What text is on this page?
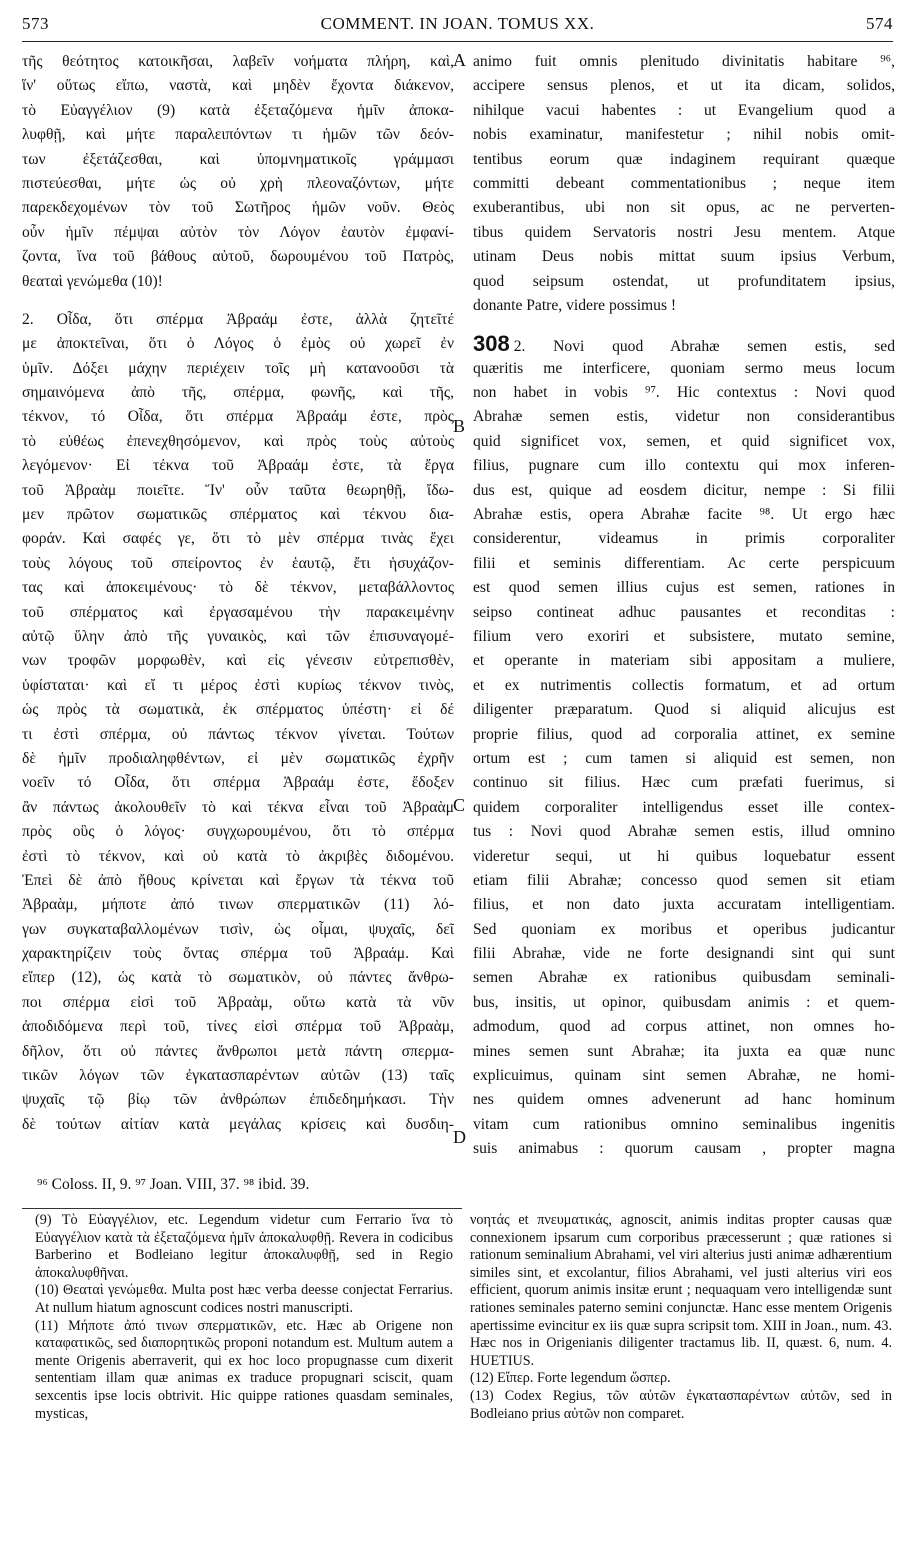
573	COMMENT. IN JOAN. TOMUS XX.	574
τῆς θεότητος κατοικῆσαι, λαβεῖν νοήματα πλήρη, καὶ,
ἵν' οὕτως εἴπω, ναστὰ, καὶ μηδὲν ἔχοντα διάκενον,
τὸ Εὐαγγέλιον (9) κατὰ ἐξεταζόμενα ἡμῖν ἀποκα-
λυφθῇ, καὶ μήτε παραλειπόντων τι ἡμῶν τῶν δεόν-
των ἐξετάζεσθαι, καὶ ὑπομνηματικοῖς γράμμασι
πιστεύεσθαι, μήτε ὡς οὐ χρὴ πλεοναζόντων, μήτε
παρεκδεχομένων τὸν τοῦ Σωτῆρος ἡμῶν νοῦν. Θεὸς
οὖν ἡμῖν πέμψαι αὐτὸν τὸν Λόγον ἑαυτὸν ἐμφανί-
ζοντα, ἵνα τοῦ βάθους αὐτοῦ, δωρουμένου τοῦ Πατρὸς,
θεαταὶ γενώμεθα (10)!
2. Οἶδα, ὅτι σπέρμα Ἀβραάμ ἐστε, ἀλλὰ ζητεῖτέ
με ἀποκτεῖναι, ὅτι ὁ Λόγος ὁ ἐμὸς οὐ χωρεῖ ἐν
ὑμῖν. Δόξει μάχην περιέχειν τοῖς μὴ κατανοοῦσι τὰ
σημαινόμενα ἀπὸ τῆς, σπέρμα, φωνῆς, καὶ τῆς,
τέκνον, τό Οἶδα, ὅτι σπέρμα Ἀβραάμ ἐστε, πρὸς
τὸ εὐθέως ἐπενεχθησόμενον, καὶ πρὸς τοὺς αὐτοὺς
λεγόμενον· Εἰ τέκνα τοῦ Ἀβραάμ ἐστε, τὰ ἔργα
τοῦ Ἀβραὰμ ποιεῖτε. Ἵν' οὖν ταῦτα θεωρηθῇ, ἴδω-
μεν πρῶτον σωματικῶς σπέρματος καὶ τέκνου δια-
φοράν. Καὶ σαφές γε, ὅτι τὸ μὲν σπέρμα τινὰς ἔχει
τοὺς λόγους τοῦ σπείροντος ἐν ἑαυτῷ, ἔτι ἡσυχάζον-
τας καὶ ἀποκειμένους· τὸ δὲ τέκνον, μεταβάλλοντος
τοῦ σπέρματος καὶ ἐργασαμένου τὴν παρακειμένην
αὐτῷ ὕλην ἀπὸ τῆς γυναικὸς, καὶ τῶν ἐπισυναγομέ-
νων τροφῶν μορφωθὲν, καὶ εἰς γένεσιν εὐτρεπισθὲν,
ὑφίσταται· καὶ εἴ τι μέρος ἐστὶ κυρίως τέκνον τινὸς,
ὡς πρὸς τὰ σωματικὰ, ἐκ σπέρματος ὑπέστη· εἰ δέ
τι ἐστὶ σπέρμα, οὐ πάντως τέκνον γίνεται. Τούτων
δὲ ἡμῖν προδιαληφθέντων, εἰ μὲν σωματικῶς ἐχρῆν
νοεῖν τό Οἶδα, ὅτι σπέρμα Ἀβραάμ ἐστε, ἔδοξεν
ἂν πάντως ἀκολουθεῖν τὸ καὶ τέκνα εἶναι τοῦ Ἀβραὰμ
πρὸς οὓς ὁ λόγος· συγχωρουμένου, ὅτι τὸ σπέρμα
ἐστὶ τὸ τέκνον, καὶ οὐ κατὰ τὸ ἀκριβὲς διδομένου.
Ἐπεὶ δὲ ἀπὸ ἤθους κρίνεται καὶ ἔργων τὰ τέκνα τοῦ
Ἀβραὰμ, μήποτε ἀπό τινων σπερματικῶν (11) λό-
γων συγκαταβαλλομένων τισὶν, ὡς οἶμαι, ψυχαῖς, δεῖ
χαρακτηρίζειν τοὺς ὄντας σπέρμα τοῦ Ἀβραάμ. Καὶ
εἴπερ (12), ὡς κατὰ τὸ σωματικὸν, οὐ πάντες ἄνθρω-
ποι σπέρμα εἰσὶ τοῦ Ἀβραὰμ, οὕτω κατὰ τὰ νῦν
ἀποδιδόμενα περὶ τοῦ, τίνες εἰσὶ σπέρμα τοῦ Ἀβραὰμ,
δῆλον, ὅτι οὐ πάντες ἄνθρωποι μετὰ πάντη σπερμα-
τικῶν λόγων τῶν ἐγκατασπαρέντων αὐτῶν (13) ταῖς
ψυχαῖς τῷ βίῳ τῶν ἀνθρώπων ἐπιδεδημήκασι. Τὴν
δὲ τούτων αἰτίαν κατὰ μεγάλας κρίσεις καὶ δυσδιη-
animo fuit omnis plenitudo divinitatis habitare ⁹⁶,
accipere sensus plenos, et ut ita dicam, solidos,
nihilque vacui habentes : ut Evangelium quod a
nobis examinatur, manifestetur ; nihil nobis omit-
tentibus eorum quæ indaginem requirant quæque
committi debeant commentationibus ; neque item
exuberantibus, ubi non sit opus, ac ne perverten-
tibus quidem Servatoris nostri Jesu mentem. Atque
utinam Deus nobis mittat suum ipsius Verbum,
quod seipsum ostendat, ut profunditatem ipsius,
donante Patre, videre possimus !
308 2. Novi quod Abrahæ semen estis, sed
quæritis me interficere, quoniam sermo meus locum
non habet in vobis ⁹⁷. Hic contextus : Novi quod
Abrahæ semen estis, videtur non considerantibus
quid significet vox, semen, et quid significet vox,
filius, pugnare cum illo contextu qui mox inferen-
dus est, quique ad eosdem dicitur, nempe : Si filii
Abrahæ estis, opera Abrahæ facite ⁹⁸. Ut ergo hæc
considerentur, videamus in primis corporaliter
filii et seminis differentiam. Ac certe perspicuum
est quod semen illius cujus est semen, rationes in
seipso contineat adhuc pausantes et reconditas :
filium vero exoriri et subsistere, mutato semine,
et operante in materiam sibi appositam a muliere,
et ex nutrimentis collectis formatum, et ad ortum
diligenter præparatum. Quod si aliquid alicujus est
proprie filius, quod ad corporalia attinet, ex semine
ortum est ; cum tamen si aliquid est semen, non
continuo sit filius. Hæc cum præfati fuerimus, si
quidem corporaliter intelligendus esset ille contex-
tus : Novi quod Abrahæ semen estis, illud omnino
videretur sequi, ut hi quibus loquebatur essent
etiam filii Abrahæ; concesso quod semen sit etiam
filius, et non dato juxta accuratam intelligentiam.
Sed quoniam ex moribus et operibus judicantur
filii Abrahæ, vide ne forte designandi sint qui sunt
semen Abrahæ ex rationibus quibusdam seminali-
bus, insitis, ut opinor, quibusdam animis : et quem-
admodum, quod ad corpus attinet, non omnes ho-
mines semen sunt Abrahæ; ita juxta ea quæ nunc
explicuimus, quinam sint semen Abrahæ, ne homi-
nes quidem omnes advenerunt ad hanc hominum
vitam cum rationibus omnino seminalibus ingenitis
suis animabus : quorum causam , propter magna
A
B
C
D
⁹⁶ Coloss. II, 9. ⁹⁷ Joan. VIII, 37. ⁹⁸ ibid. 39.

(9) Τὸ Εὐαγγέλιον, etc. Legendum videtur cum Ferrario ἵνα τὸ Εὐαγγέλιον κατὰ τὰ ἐξεταζόμενα ἡμῖν ἀποκαλυφθῇ. Revera in codicibus Barberino et Bodleiano legitur ἀποκαλυφθῇ, sed in Regio ἀποκαλυφθῆναι.

(10) Θεαταὶ γενώμεθα. Multa post hæc verba deesse conjectat Ferrarius. At nullum hiatum agnoscunt codices nostri manuscripti.

(11) Μήποτε ἀπό τινων σπερματικῶν, etc. Hæc ab Origene non καταφατικῶς, sed διαπορητικῶς proponi notandum est. Multum autem a mente Origenis aberraverit, qui ex hoc loco propugnasse cum dixerit sententiam illam quæ animas ex traduce propugnari sciscit, quam sexcentis ipse locis obtrivit. Hic quippe rationes quasdam seminales, mysticas,

νοητάς et πνευματικάς, agnoscit, animis inditas propter causas quæ connexionem ipsarum cum corporibus præcesserunt ; quæ rationes si rationum seminalium Abrahami, vel viri alterius justi animæ adhærentium similes sint, et excolantur, filios Abrahami, vel justi alterius viri eos efficient, quorum animis insitæ erunt ; nequaquam vero intelligendæ sunt rationes seminales paterno semini conjunctæ. Hanc esse mentem Origenis apertissime evincitur ex iis quæ supra scripsit tom. XIII in Joan., num. 43. Hæc nos in Origenianis diligenter tractamus lib. II, quæst. 6, num. 4. HUETIUS.

(12) Εἴπερ. Forte legendum ὥσπερ.

(13) Codex Regius, τῶν αὐτῶν ἐγκατασπαρέντων αὐτῶν, sed in Bodleiano prius αὐτῶν non comparet.
